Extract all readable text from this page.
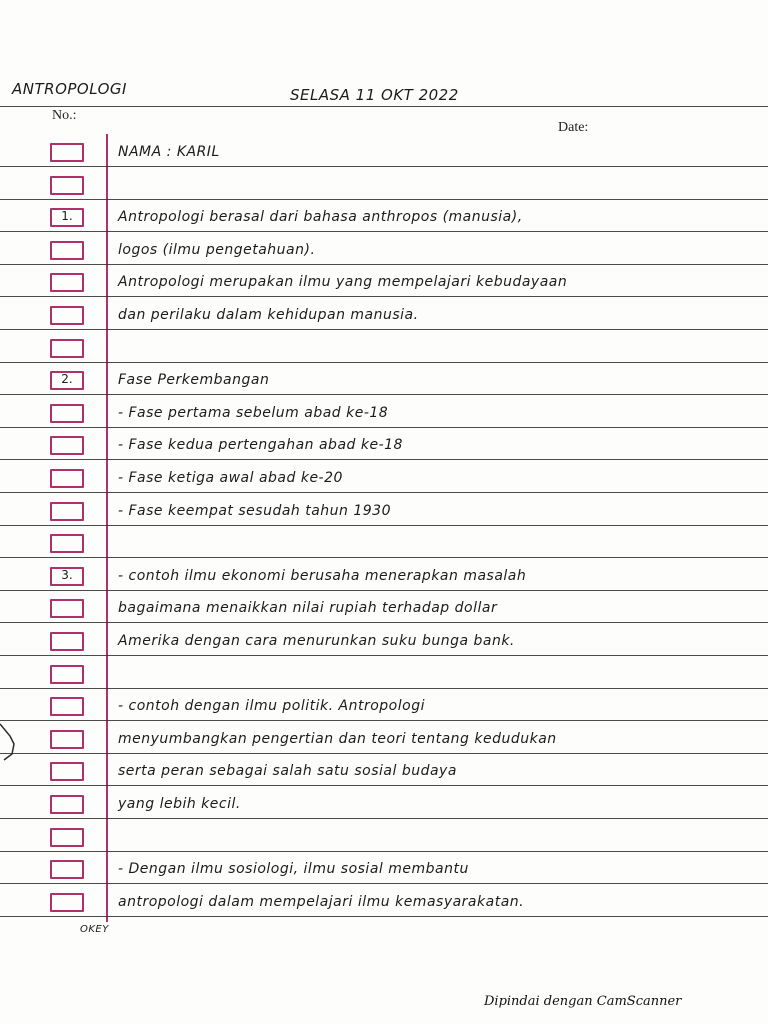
ANTROPOLOGI	SELASA 11 OKT 2022
No.:
Date:
NAMA : KARIL
1.	Antropologi berasal dari bahasa anthropos (manusia),
logos (ilmu pengetahuan).
Antropologi merupakan ilmu yang mempelajari kebudayaan
dan perilaku dalam kehidupan manusia.
2.	Fase Perkembangan
- Fase pertama sebelum abad ke-18
- Fase kedua pertengahan abad ke-18
- Fase ketiga awal abad ke-20
- Fase keempat sesudah tahun 1930
3.	- contoh ilmu ekonomi berusaha menerapkan masalah
bagaimana menaikkan nilai rupiah terhadap dollar
Amerika dengan cara menurunkan suku bunga bank.
- contoh dengan ilmu politik. Antropologi
menyumbangkan pengertian dan teori tentang kedudukan
serta peran sebagai salah satu sosial budaya
yang lebih kecil.
- Dengan ilmu sosiologi, ilmu sosial membantu
antropologi dalam mempelajari ilmu kemasyarakatan.
OKEY
Dipindai dengan CamScanner
